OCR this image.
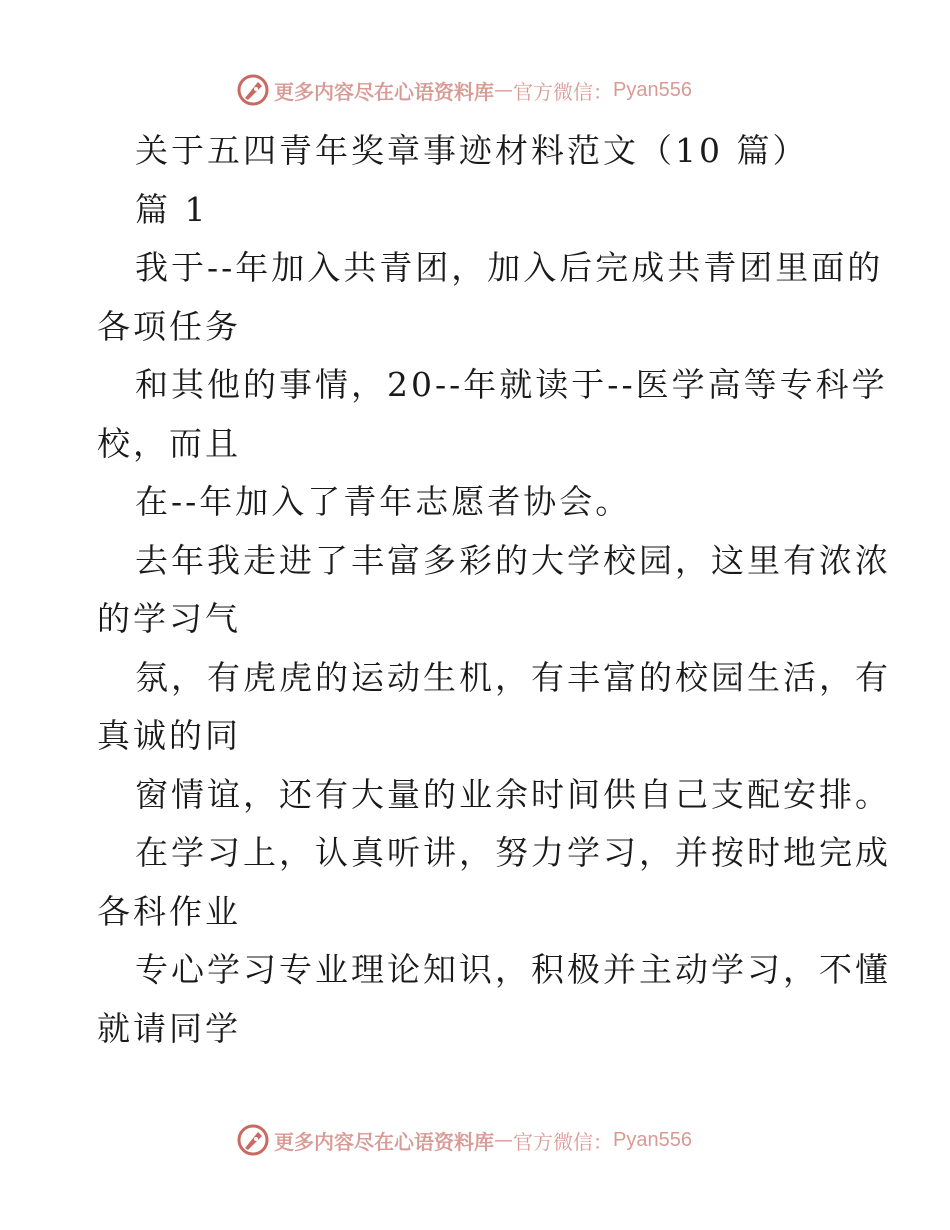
更多内容尽在心语资料库 — 官方微信： Pyan556
关于五四青年奖章事迹材料范文（10 篇）
篇 1
我于--年加入共青团，加入后完成共青团里面的
各项任务
和其他的事情，20--年就读于--医学高等专科学
校，而且
在--年加入了青年志愿者协会。
去年我走进了丰富多彩的大学校园，这里有浓浓
的学习气
氛，有虎虎的运动生机，有丰富的校园生活，有
真诚的同
窗情谊，还有大量的业余时间供自己支配安排。
在学习上，认真听讲，努力学习，并按时地完成
各科作业
专心学习专业理论知识，积极并主动学习，不懂
就请同学
更多内容尽在心语资料库 — 官方微信： Pyan556
